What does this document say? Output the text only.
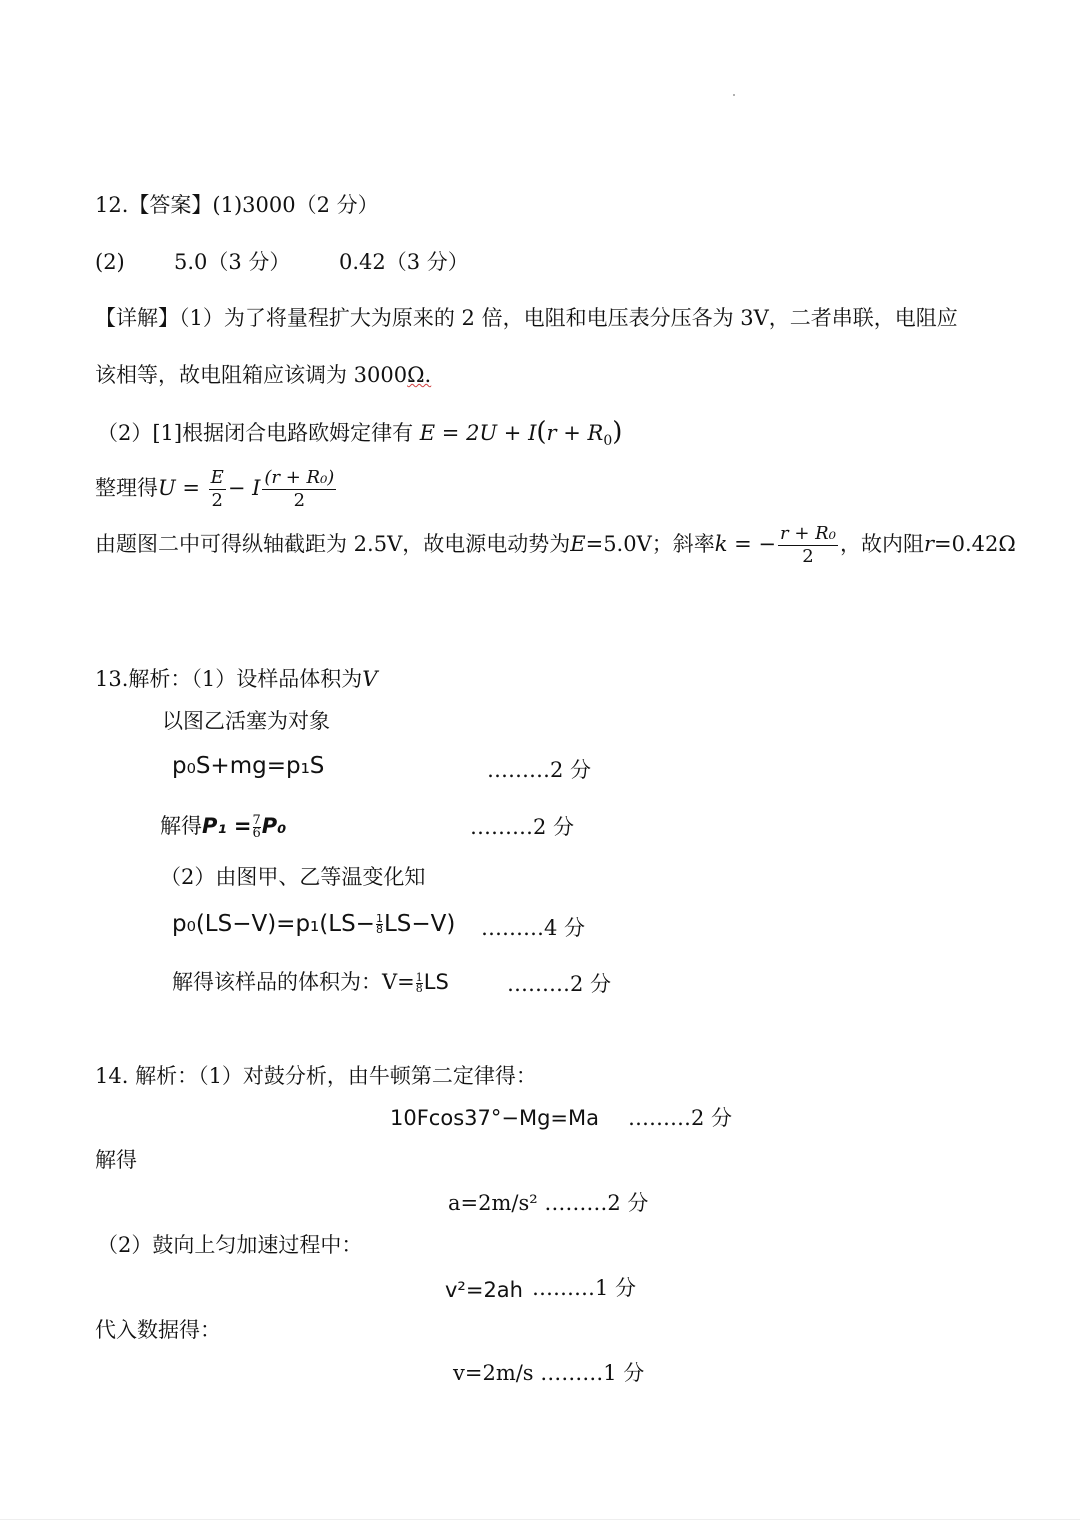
12.【答案】(1)3000（2 分）
(2) 5.0（3 分） 0.42（3 分）
【详解】（1）为了将量程扩大为原来的 2 倍，电阻和电压表分压各为 3V，二者串联，电阻应
该相等，故电阻箱应该调为 3000Ω.
（2）[1]根据闭合电路欧姆定律有 $E = 2U + I(r + R_0)$
整理得$U = \frac{E}{2} - I \frac{\text{(r + R₀)}}{2}$
由题图二中可得纵轴截距为 2.5V，故电源电动势为E=5.0V；斜率k = − $\frac{\text{r + R₀}}{2}$ ，故内阻r=0.42Ω
13.解析：（1）设样品体积为V
以图乙活塞为对象
p₀S+mg=p₁S	………2 分
解得$P_1 = \frac{7}{6} P_0$	………2 分
（2）由图甲、乙等温变化知
$p_0(LS-V)=p_1(LS- \frac{1}{8} LS-V)$ ………4 分
解得该样品的体积为：$V= \frac{1}{8}$ LS	………2 分
14. 解析：（1）对鼓分析，由牛顿第二定律得：
10Fcos37°−Mg=Ma ………2 分
解得
a=2m/s² ………2 分
（2）鼓向上匀加速过程中：
v²=2ah ………1 分
代入数据得：
v=2m/s ………1 分
